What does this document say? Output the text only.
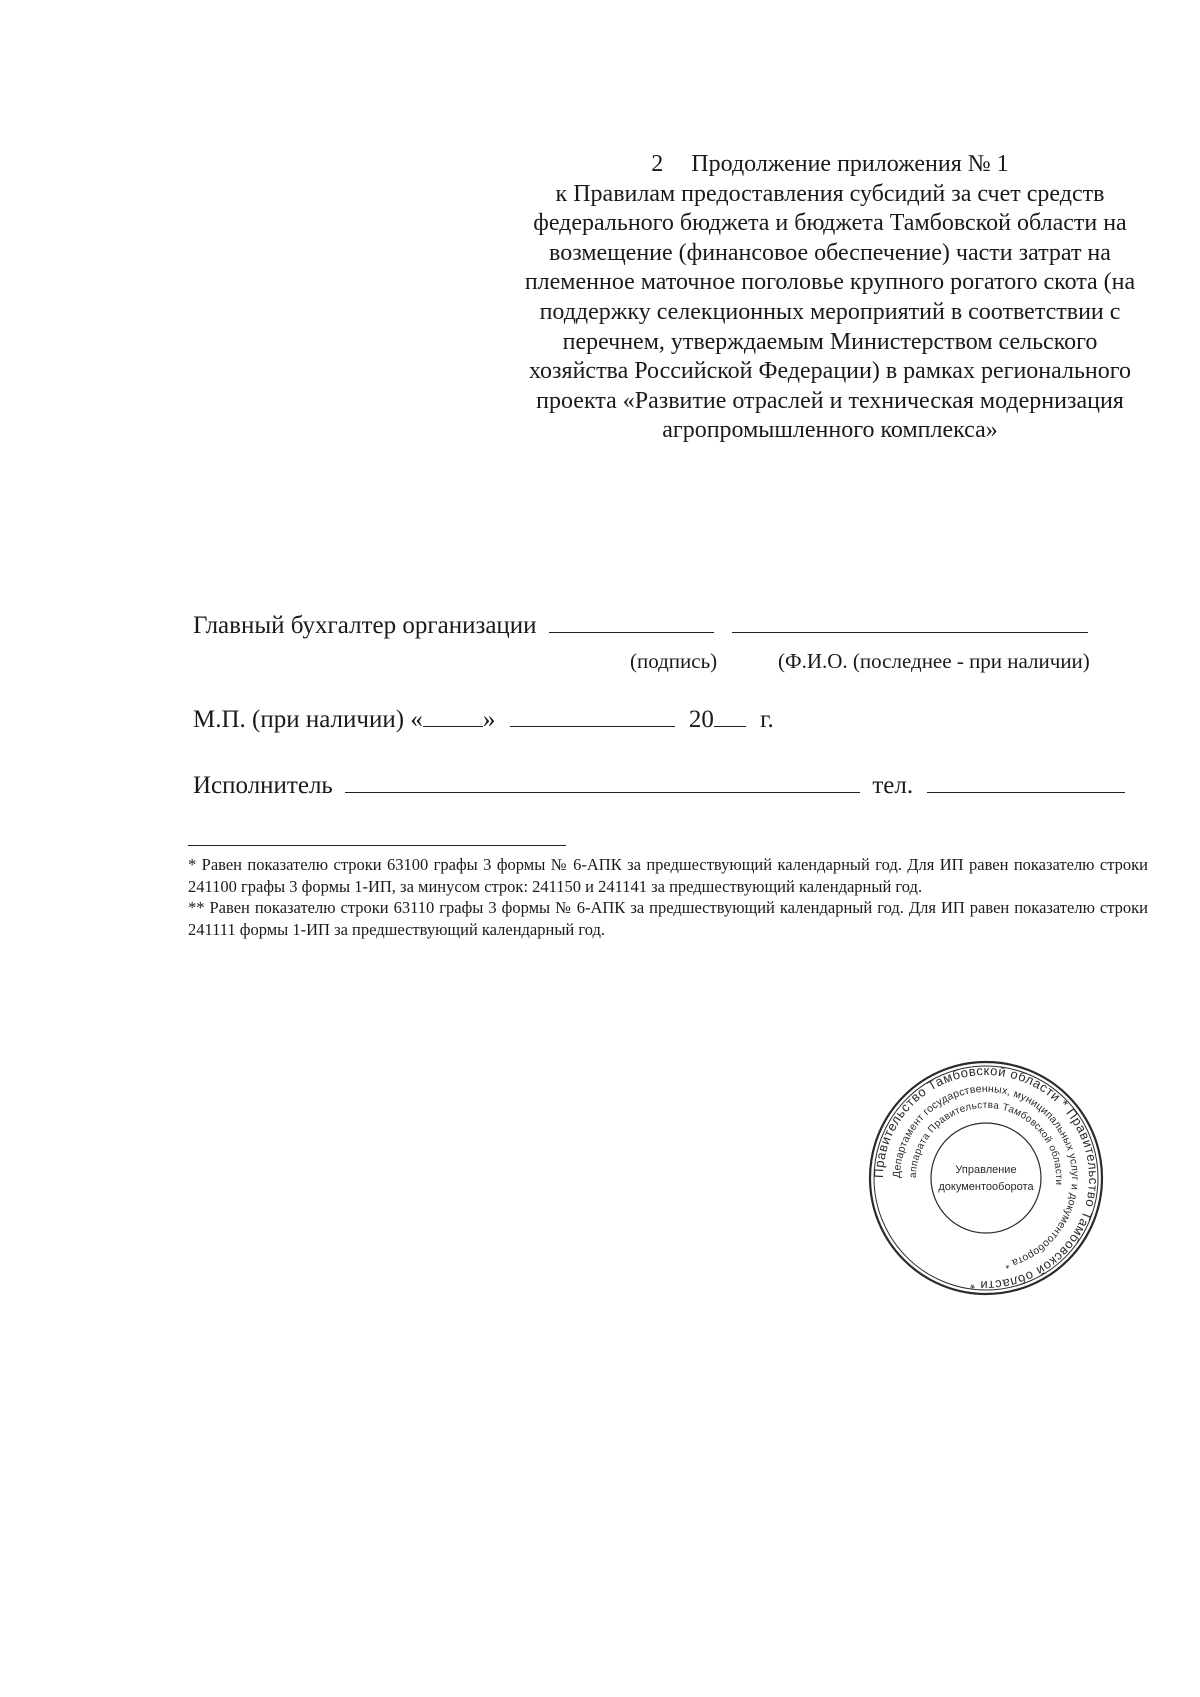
2 Продолжение приложения № 1
к Правилам предоставления субсидий за счет средств федерального бюджета и бюджета Тамбовской области на возмещение (финансовое обеспечение) части затрат на племенное маточное поголовье крупного рогатого скота (на поддержку селекционных мероприятий в соответствии с перечнем, утверждаемым Министерством сельского хозяйства Российской Федерации) в рамках регионального проекта «Развитие отраслей и техническая модернизация агропромышленного комплекса»
Главный бухгалтер организации
(подпись)	(Ф.И.О. (последнее - при наличии)
М.П. (при наличии) « »	20 г.
Исполнитель	тел.

* Равен показателю строки 63100 графы 3 формы № 6-АПК за предшествующий календарный год. Для ИП равен показателю строки 241100 графы 3 формы 1-ИП, за минусом строк: 241150 и 241141 за предшествующий календарный год.

** Равен показателю строки 63110 графы 3 формы № 6-АПК за предшествующий календарный год. Для ИП равен показателю строки 241111 формы 1-ИП за предшествующий календарный год.

Правительство Тамбовской области * Правительство Тамбовской области *
Департамент государственных, муниципальных услуг и документооборота *
аппарата Правительства Тамбовской области
Управление
документооборота
